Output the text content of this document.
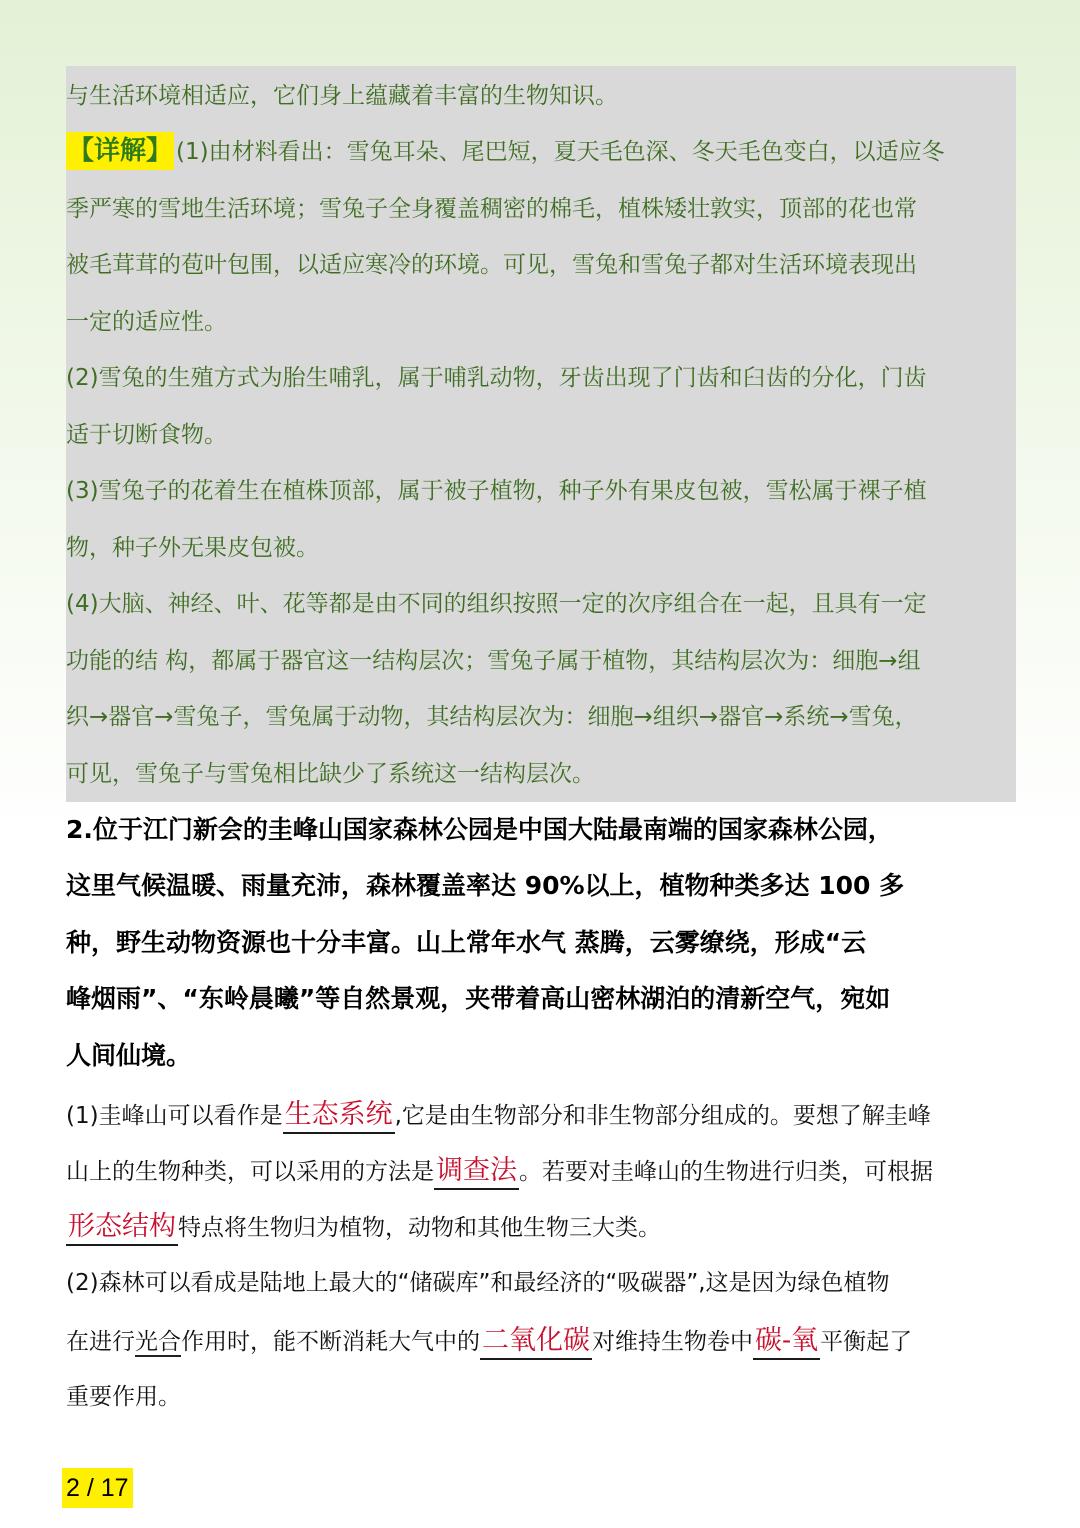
与生活环境相适应，它们身上蕴藏着丰富的生物知识。
【详解】 (1)由材料看出：雪兔耳朵、尾巴短，夏天毛色深、冬天毛色变白，以适应冬
季严寒的雪地生活环境；雪兔子全身覆盖稠密的棉毛，植株矮壮敦实，顶部的花也常
被毛茸茸的苞叶包围，以适应寒冷的环境。可见，雪兔和雪兔子都对生活环境表现出
一定的适应性。
(2)雪兔的生殖方式为胎生哺乳，属于哺乳动物，牙齿出现了门齿和臼齿的分化，门齿
适于切断食物。
(3)雪兔子的花着生在植株顶部，属于被子植物，种子外有果皮包被，雪松属于裸子植
物，种子外无果皮包被。
(4)大脑、神经、叶、花等都是由不同的组织按照一定的次序组合在一起，且具有一定
功能的结 构，都属于器官这一结构层次；雪兔子属于植物，其结构层次为：细胞→组
织→器官→雪兔子，雪兔属于动物，其结构层次为：细胞→组织→器官→系统→雪兔，
可见，雪兔子与雪兔相比缺少了系统这一结构层次。
2.位于江门新会的圭峰山国家森林公园是中国大陆最南端的国家森林公园，
这里气候温暖、雨量充沛，森林覆盖率达 90%以上，植物种类多达 100 多
种，野生动物资源也十分丰富。山上常年水气 蒸腾，云雾缭绕，形成“云
峰烟雨”、“东岭晨曦”等自然景观，夹带着高山密林湖泊的清新空气，宛如
人间仙境。
(1)圭峰山可以看作是生态系统,它是由生物部分和非生物部分组成的。要想了解圭峰
山上的生物种类，可以采用的方法是调查法。若要对圭峰山的生物进行归类，可根据
形态结构特点将生物归为植物，动物和其他生物三大类。
(2)森林可以看成是陆地上最大的“储碳库”和最经济的“吸碳器”,这是因为绿色植物
在进行光合作用时，能不断消耗大气中的二氧化碳对维持生物卷中碳-氧平衡起了
重要作用。
2 / 17
